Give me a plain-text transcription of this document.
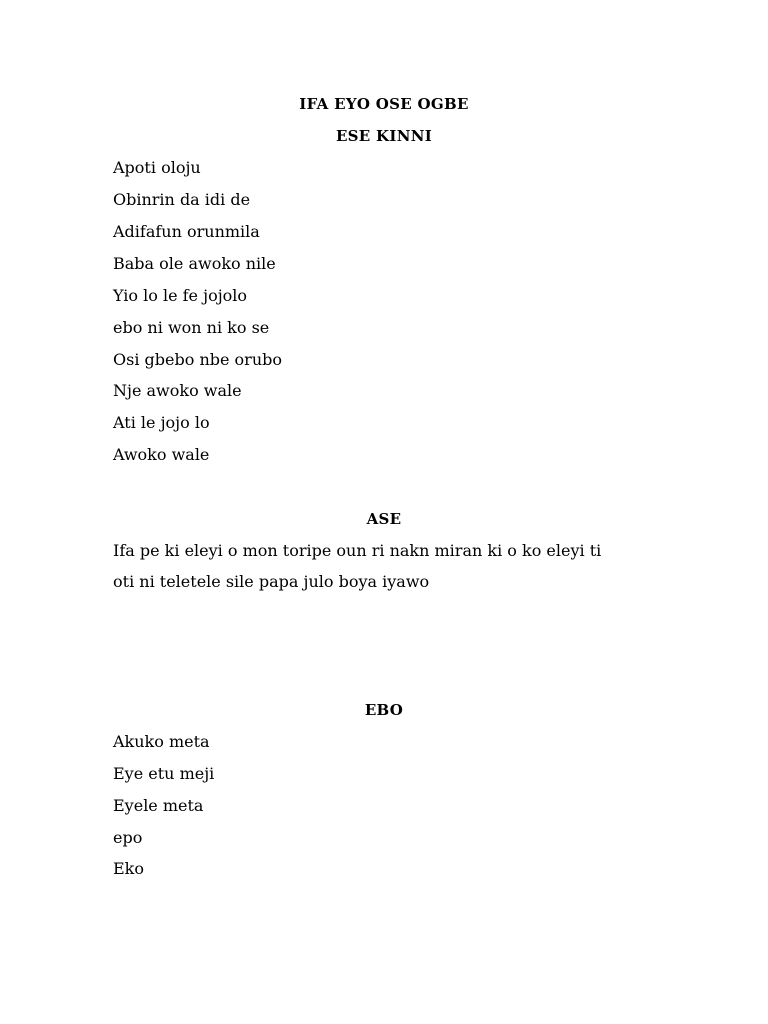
IFA EYO OSE OGBE
ESE KINNI
Apoti oloju
Obinrin da idi de
Adifafun orunmila
Baba ole awoko nile
Yio lo le fe jojolo
ebo ni won ni ko se
Osi gbebo nbe orubo
Nje awoko wale
Ati le jojo lo
Awoko wale
ASE
Ifa pe ki eleyi o mon toripe oun ri nakn miran ki o ko eleyi ti
oti ni teletele sile papa julo boya iyawo
EBO
Akuko meta
Eye etu meji
Eyele meta
epo
Eko
